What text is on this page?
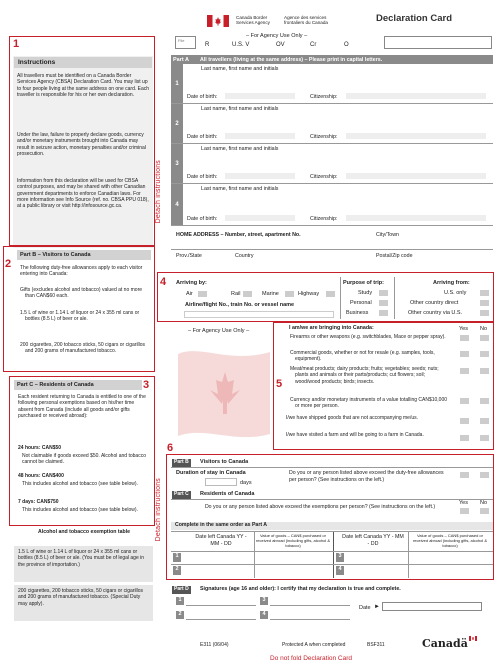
Canada Border Services Agency
Agence des services frontaliers du Canada	Declaration Card
– For Agency Use Only –
File
R	U.S. V	OV	Cr	O
1
Instructions
All travellers must be identified on a Canada Border Services Agency (CBSA) Declaration Card. You may list up to four people living at the same address on one card. Each traveller is responsible for his or her own declaration.
Under the law, failure to properly declare goods, currency and/or monetary instruments brought into Canada may result in seizure action, monetary penalties and/or criminal prosecution.
Information from this declaration will be used for CBSA control purposes, and may be shared with other Canadian government departments to enforce Canadian laws. For more information see Info Source (ref. no. CBSA PPU 018), at a public library or visit http://infosource.gc.ca.
2
Part B – Visitors to Canada
The following duty-free allowances apply to each visitor entering into Canada:
Gifts (excludes alcohol and tobacco) valued at no more than CAN$60 each.
1.5 L of wine or 1.14 L of liquor or 24 x 355 ml cans or bottles (8.5 L) of beer or ale.
200 cigarettes, 200 tobacco sticks, 50 cigars or cigarillos and 200 grams of manufactured tobacco.
3
Part C – Residents of Canada
Each resident returning to Canada is entitled to one of the following personal exemptions based on his/her time absent from Canada (include all goods and/or gifts purchased or received abroad):
24 hours: CAN$50
Not claimable if goods exceed $50. Alcohol and tobacco cannot be claimed.
48 hours: CAN$400
This includes alcohol and tobacco (see table below).
7 days: CAN$750
This includes alcohol and tobacco (see table below).
Alcohol and tobacco exemption table
1.5 L of wine or 1.14 L of liquor or 24 x 355 ml cans or bottles (8.5 L) of beer or ale. (You must be of legal age in the province of importation.)
200 cigarettes, 200 tobacco sticks, 50 cigars or cigarillos and 200 grams of manufactured tobacco. (Special Duty may apply).
Detach instructions
Detach instructions
Part A All travellers (living at the same address) – Please print in capital letters.
1
Last name, first name and initials
Date of birth:	Citizenship:
2
Last name, first name and initials
Date of birth:	Citizenship:
3
Last name, first name and initials
Date of birth:	Citizenship:
4
Last name, first name and initials
Date of birth:	Citizenship:
HOME ADDRESS – Number, street, apartment No.	City/Town
Prov./State	Country	Postal/Zip code
4 Arriving by:
Air	Rail	Marine	Highway
Airline/flight No., train No. or vessel name
Purpose of trip:
Study
Personal
Business
Arriving from:
U.S. only
Other country direct
Other country via U.S.
– For Agency Use Only –
5
I am/we are bringing into Canada:	Yes No
Firearms or other weapons (e.g. switchblades, Mace or pepper spray).
Commercial goods, whether or not for resale (e.g. samples, tools, equipment).
Meat/meat products; dairy products; fruits; vegetables; seeds; nuts; plants and animals or their parts/products; cut flowers; soil; wood/wood products; birds; insects.
Currency and/or monetary instruments of a value totalling CAN$10,000 or more per person.
I/we have shipped goods that are not accompanying me/us.
I/we have visited a farm and will be going to a farm in Canada.
6
Part B	Visitors to Canada
Duration of stay in Canada
days
Do you or any person listed above exceed the duty-free allowances per person? (See instructions on the left.)
Part C	Residents of Canada
Yes No
Do you or any person listed above exceed the exemptions per person? (See instructions on the left.)
Complete in the same order as Part A
Date left Canada YY - MM - DD
Value of goods – CAN$ purchased or received abroad (including gifts, alcohol & tobacco)
Date left Canada YY - MM - DD
Value of goods – CAN$ purchased or received abroad (including gifts, alcohol & tobacco)
1
2
3
4
Part D	Signatures (age 16 and older): I certify that my declaration is true and complete.
1
2
3
4
Date ►
E311 (06/04)	Protected A when completed	BSF311	Canadä
Do not fold Declaration Card
